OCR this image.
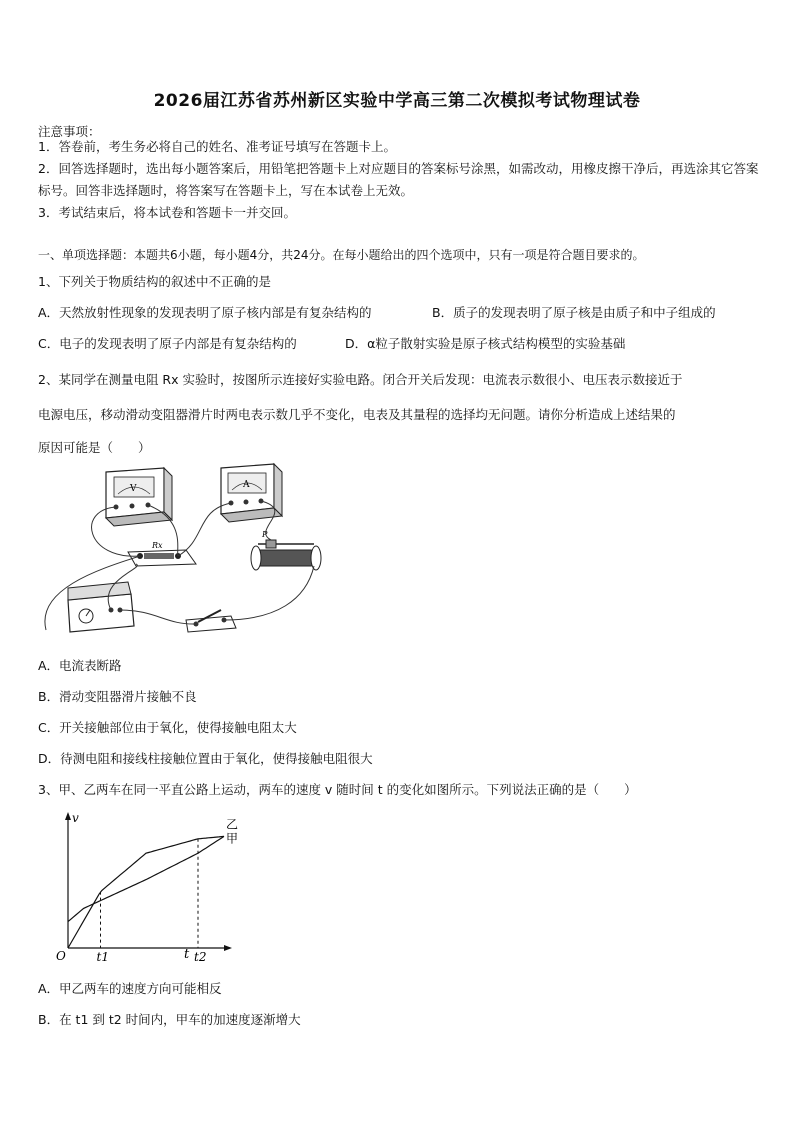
2026届江苏省苏州新区实验中学高三第二次模拟考试物理试卷
注意事项：
1．答卷前，考生务必将自己的姓名、准考证号填写在答题卡上。
2．回答选择题时，选出每小题答案后，用铅笔把答题卡上对应题目的答案标号涂黑，如需改动，用橡皮擦干净后，再选涂其它答案标号。回答非选择题时，将答案写在答题卡上，写在本试卷上无效。
3．考试结束后，将本试卷和答题卡一并交回。
一、单项选择题：本题共6小题，每小题4分，共24分。在每小题给出的四个选项中，只有一项是符合题目要求的。
1、下列关于物质结构的叙述中不正确的是
A．天然放射性现象的发现表明了原子核内部是有复杂结构的	B．质子的发现表明了原子核是由质子和中子组成的
C．电子的发现表明了原子内部是有复杂结构的	D．α粒子散射实验是原子核式结构模型的实验基础
2、某同学在测量电阻 Rx 实验时，按图所示连接好实验电路。闭合开关后发现：电流表示数很小、电压表示数接近于
电源电压，移动滑动变阻器滑片时两电表示数几乎不变化，电表及其量程的选择均无问题。请你分析造成上述结果的
原因可能是（　　）
V	A
Rx
P
A．电流表断路
B．滑动变阻器滑片接触不良
C．开关接触部位由于氧化，使得接触电阻太大
D．待测电阻和接线柱接触位置由于氧化，使得接触电阻很大
3、甲、乙两车在同一平直公路上运动，两车的速度 v 随时间 t 的变化如图所示。下列说法正确的是（　　）
v
t
O
甲
乙
t1	t2
A．甲乙两车的速度方向可能相反
B．在 t1 到 t2 时间内，甲车的加速度逐渐增大
